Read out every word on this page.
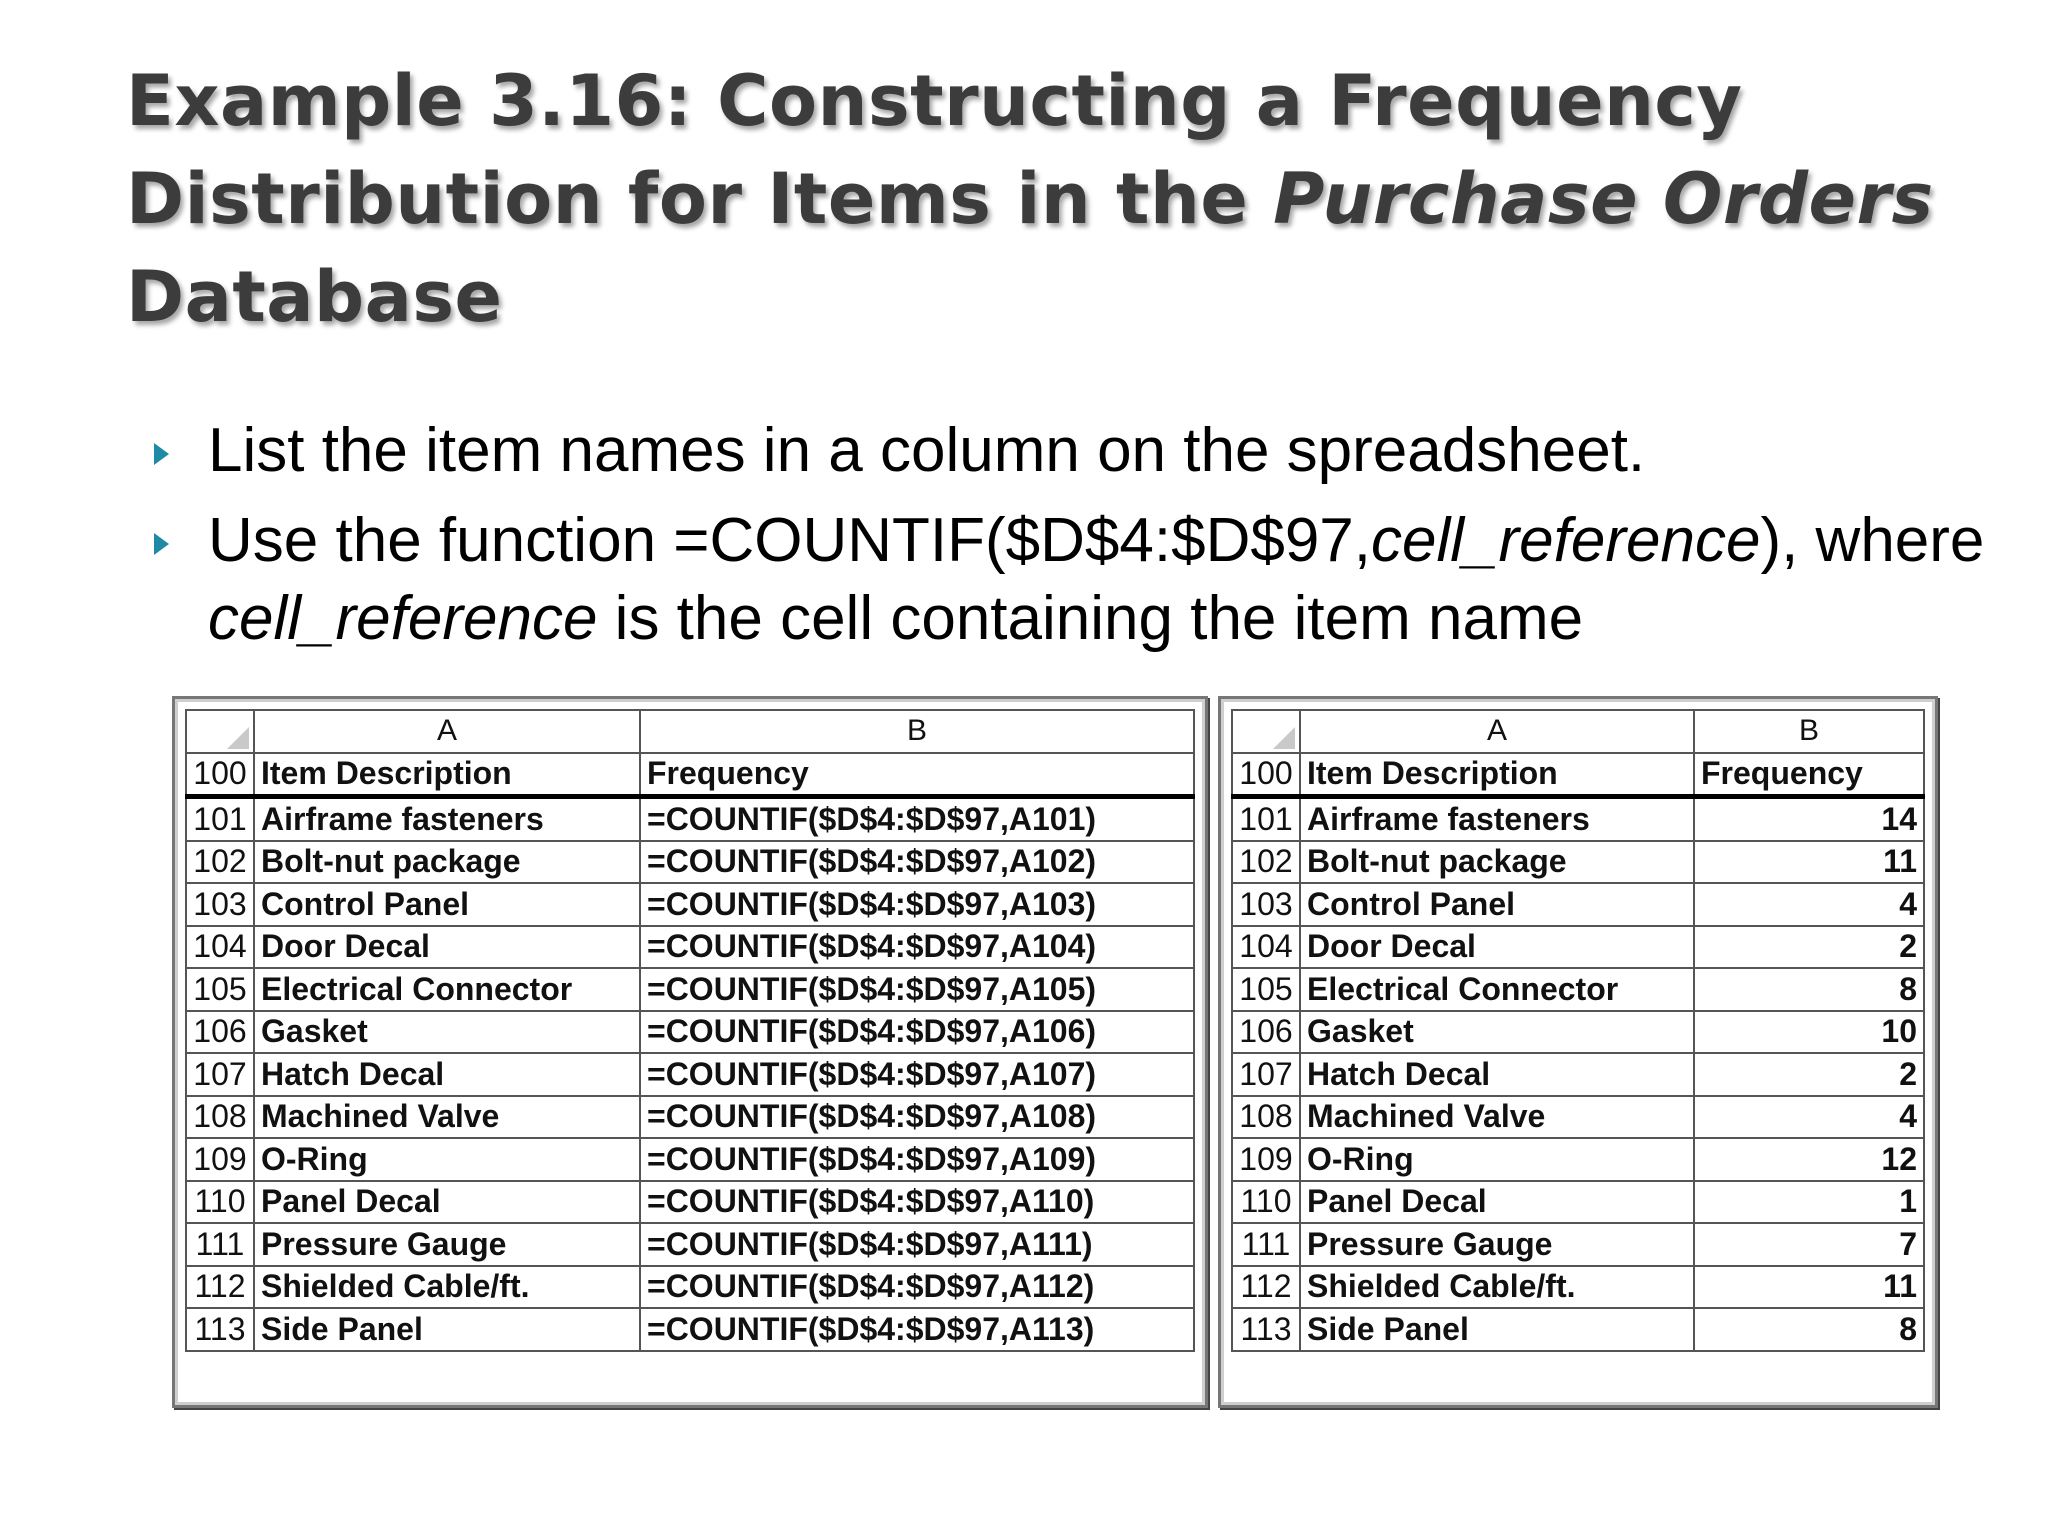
Example 3.16: Constructing a Frequency Distribution for Items in the Purchase Orders Database
List the item names in a column on the spreadsheet.
Use the function =COUNTIF($D$4:$D$97,cell_reference), where cell_reference is the cell containing the item name
	A	B
100	Item Description	Frequency
101	Airframe fasteners	=COUNTIF($D$4:$D$97,A101)
102	Bolt-nut package	=COUNTIF($D$4:$D$97,A102)
103	Control Panel	=COUNTIF($D$4:$D$97,A103)
104	Door Decal	=COUNTIF($D$4:$D$97,A104)
105	Electrical Connector	=COUNTIF($D$4:$D$97,A105)
106	Gasket	=COUNTIF($D$4:$D$97,A106)
107	Hatch Decal	=COUNTIF($D$4:$D$97,A107)
108	Machined Valve	=COUNTIF($D$4:$D$97,A108)
109	O-Ring	=COUNTIF($D$4:$D$97,A109)
110	Panel Decal	=COUNTIF($D$4:$D$97,A110)
111	Pressure Gauge	=COUNTIF($D$4:$D$97,A111)
112	Shielded Cable/ft.	=COUNTIF($D$4:$D$97,A112)
113	Side Panel	=COUNTIF($D$4:$D$97,A113)
	A	B
100	Item Description	Frequency
101	Airframe fasteners	14
102	Bolt-nut package	11
103	Control Panel	4
104	Door Decal	2
105	Electrical Connector	8
106	Gasket	10
107	Hatch Decal	2
108	Machined Valve	4
109	O-Ring	12
110	Panel Decal	1
111	Pressure Gauge	7
112	Shielded Cable/ft.	11
113	Side Panel	8
